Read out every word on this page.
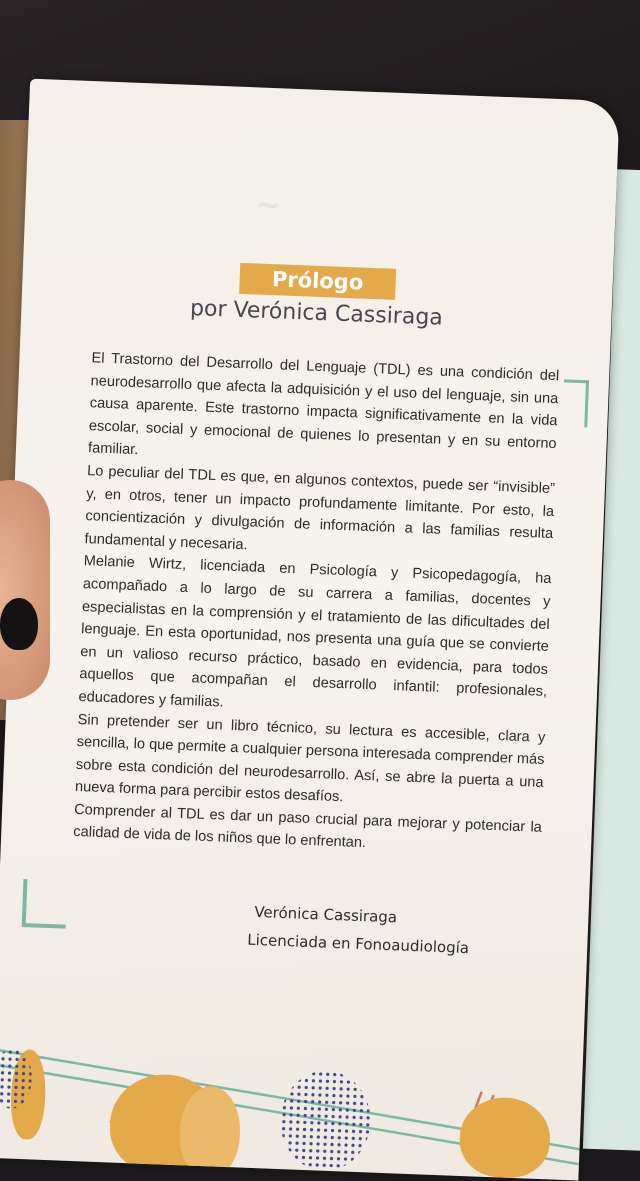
~
Prólogo
por Verónica Cassiraga

El Trastorno del Desarrollo del Lenguaje (TDL) es una condición del neurodesarrollo que afecta la adquisición y el uso del lenguaje, sin una causa aparente. Este trastorno impacta significativamente en la vida escolar, social y emocional de quienes lo presentan y en su entorno familiar.

Lo peculiar del TDL es que, en algunos contextos, puede ser “invisible” y, en otros, tener un impacto profundamente limitante. Por esto, la concientización y divulgación de información a las familias resulta fundamental y necesaria.

Melanie Wirtz, licenciada en Psicología y Psicopedagogía, ha acompañado a lo largo de su carrera a familias, docentes y especialistas en la comprensión y el tratamiento de las dificultades del lenguaje. En esta oportunidad, nos presenta una guía que se convierte en un valioso recurso práctico, basado en evidencia, para todos aquellos que acompañan el desarrollo infantil: profesionales, educadores y familias.

Sin pretender ser un libro técnico, su lectura es accesible, clara y sencilla, lo que permite a cualquier persona interesada comprender más sobre esta condición del neurodesarrollo. Así, se abre la puerta a una nueva forma para percibir estos desafíos.

Comprender al TDL es dar un paso crucial para mejorar y potenciar la calidad de vida de los niños que lo enfrentan.

Verónica Cassiraga
Licenciada en Fonoaudiología
